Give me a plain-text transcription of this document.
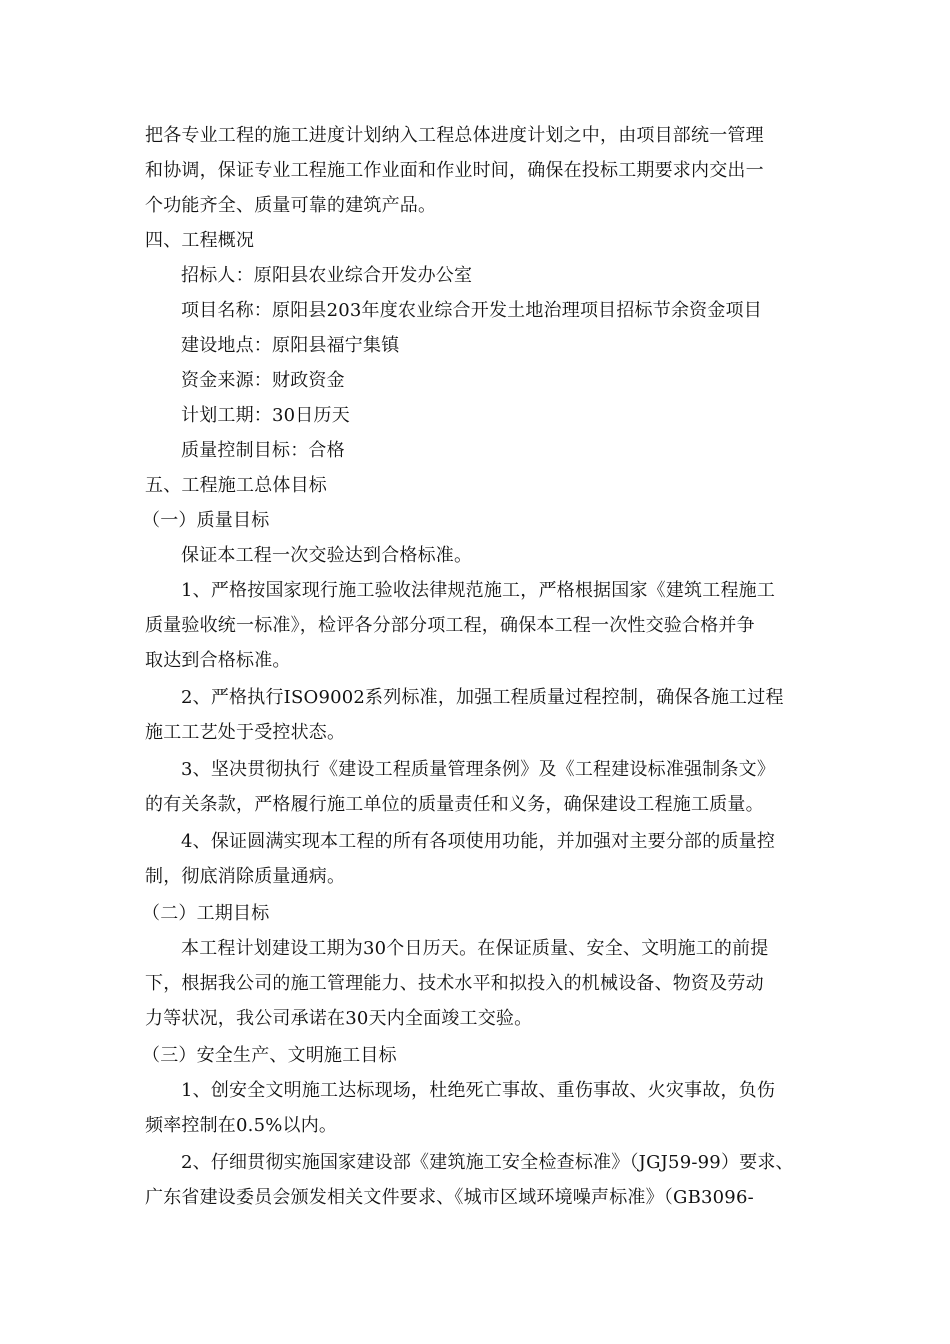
把各专业工程的施工进度计划纳入工程总体进度计划之中，由项目部统一管理
和协调，保证专业工程施工作业面和作业时间，确保在投标工期要求内交出一
个功能齐全、质量可靠的建筑产品。
四、工程概况
招标人：原阳县农业综合开发办公室
项目名称：原阳县203年度农业综合开发土地治理项目招标节余资金项目
建设地点：原阳县福宁集镇
资金来源：财政资金
计划工期：30日历天
质量控制目标：合格
五、工程施工总体目标
（一）质量目标
保证本工程一次交验达到合格标准。
1、严格按国家现行施工验收法律规范施工，严格根据国家《建筑工程施工
质量验收统一标准》，检评各分部分项工程，确保本工程一次性交验合格并争
取达到合格标准。
2、严格执行ISO9002系列标准，加强工程质量过程控制，确保各施工过程
施工工艺处于受控状态。
3、坚决贯彻执行《建设工程质量管理条例》及《工程建设标准强制条文》
的有关条款，严格履行施工单位的质量责任和义务，确保建设工程施工质量。
4、保证圆满实现本工程的所有各项使用功能，并加强对主要分部的质量控
制，彻底消除质量通病。
（二）工期目标
本工程计划建设工期为30个日历天。在保证质量、安全、文明施工的前提
下，根据我公司的施工管理能力、技术水平和拟投入的机械设备、物资及劳动
力等状况，我公司承诺在30天内全面竣工交验。
（三）安全生产、文明施工目标
1、创安全文明施工达标现场，杜绝死亡事故、重伤事故、火灾事故，负伤
频率控制在0.5%以内。
2、仔细贯彻实施国家建设部《建筑施工安全检查标准》（JGJ59-99）要求、
广东省建设委员会颁发相关文件要求、《城市区域环境噪声标准》（GB3096-
